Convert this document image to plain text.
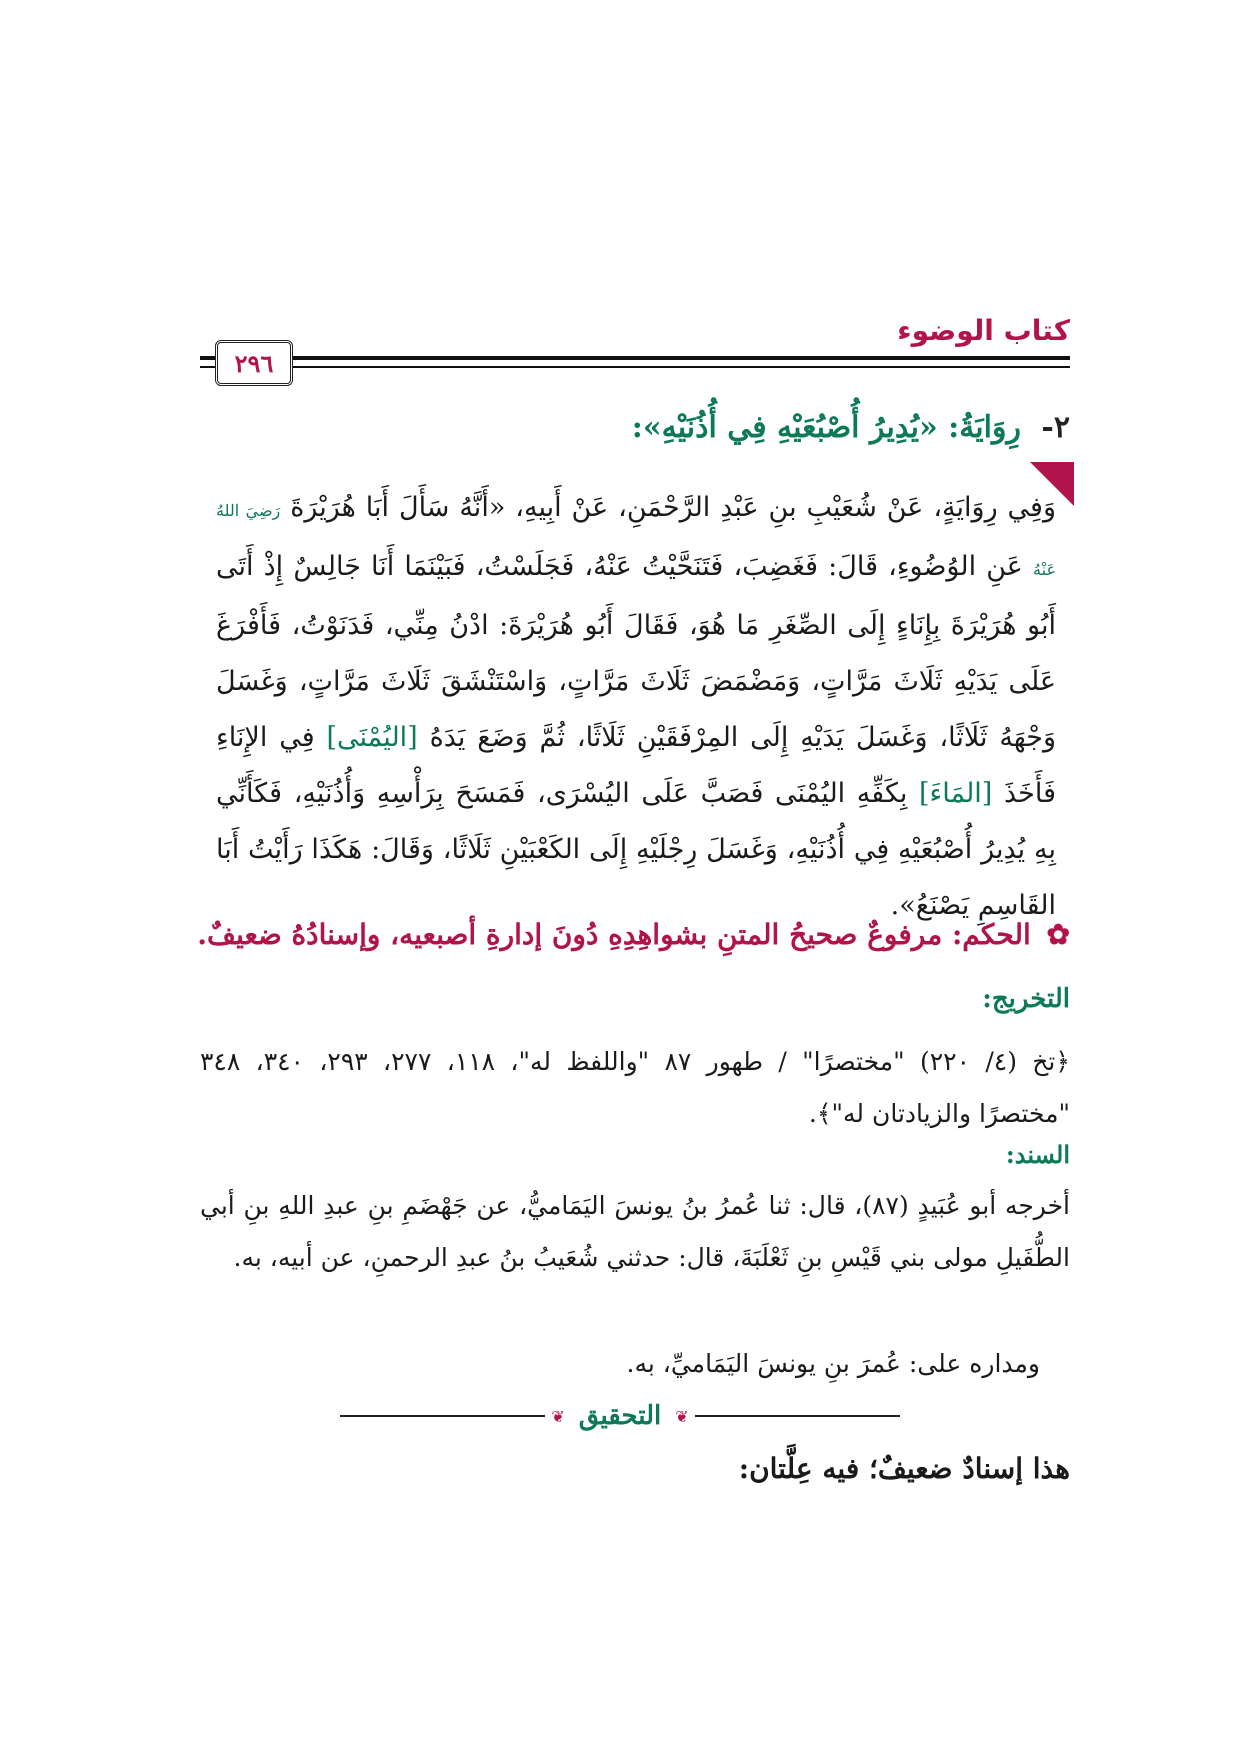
كتاب الوضوء
٢٩٦
٢- رِوَايَةُ: «يُدِيرُ أُصْبُعَيْهِ فِي أُذُنَيْهِ»:
وَفِي رِوَايَةٍ، عَنْ شُعَيْبِ بنِ عَبْدِ الرَّحْمَنِ، عَنْ أَبِيهِ، «أَنَّهُ سَأَلَ أَبَا هُرَيْرَةَ رَضِيَ اللهُ عَنْهُ عَنِ الوُضُوءِ، قَالَ: فَغَضِبَ، فَتَنَحَّيْتُ عَنْهُ، فَجَلَسْتُ، فَبَيْنَمَا أَنَا جَالِسٌ إِذْ أَتَى أَبُو هُرَيْرَةَ بِإِنَاءٍ إِلَى الصِّغَرِ مَا هُوَ، فَقَالَ أَبُو هُرَيْرَةَ: ادْنُ مِنِّي، فَدَنَوْتُ، فَأَفْرَغَ عَلَى يَدَيْهِ ثَلَاثَ مَرَّاتٍ، وَمَضْمَضَ ثَلَاثَ مَرَّاتٍ، وَاسْتَنْشَقَ ثَلَاثَ مَرَّاتٍ، وَغَسَلَ وَجْهَهُ ثَلَاثًا، وَغَسَلَ يَدَيْهِ إِلَى المِرْفَقَيْنِ ثَلَاثًا، ثُمَّ وَضَعَ يَدَهُ [اليُمْنَى] فِي الإِنَاءِ فَأَخَذَ [المَاءَ] بِكَفِّهِ اليُمْنَى فَصَبَّ عَلَى اليُسْرَى، فَمَسَحَ بِرَأْسِهِ وَأُذُنَيْهِ، فَكَأَنِّي بِهِ يُدِيرُ أُصْبُعَيْهِ فِي أُذُنَيْهِ، وَغَسَلَ رِجْلَيْهِ إِلَى الكَعْبَيْنِ ثَلَاثًا، وَقَالَ: هَكَذَا رَأَيْتُ أَبَا القَاسِمِ يَصْنَعُ».
✿ الحكم: مرفوعٌ صحيحُ المتنِ بشواهِدِهِ دُونَ إدارةِ أصبعيه، وإسنادُهُ ضعيفٌ.
التخريج:
﴿تخ (٤/ ٢٢٠) "مختصرًا" / طهور ٨٧ "واللفظ له"، ١١٨، ٢٧٧، ٢٩٣، ٣٤٠، ٣٤٨ "مختصرًا والزيادتان له"﴾.
السند:
أخرجه أبو عُبَيدٍ (٨٧)، قال: ثنا عُمرُ بنُ يونسَ اليَمَاميُّ، عن جَهْضَمِ بنِ عبدِ اللهِ بنِ أبي الطُّفَيلِ مولى بني قَيْسِ بنِ ثَعْلَبَةَ، قال: حدثني شُعَيبُ بنُ عبدِ الرحمنِ، عن أبيه، به.
ومداره على: عُمرَ بنِ يونسَ اليَمَاميِّ، به.
❦ التحقيق ❦
هذا إسنادٌ ضعيفٌ؛ فيه عِلَّتان:
